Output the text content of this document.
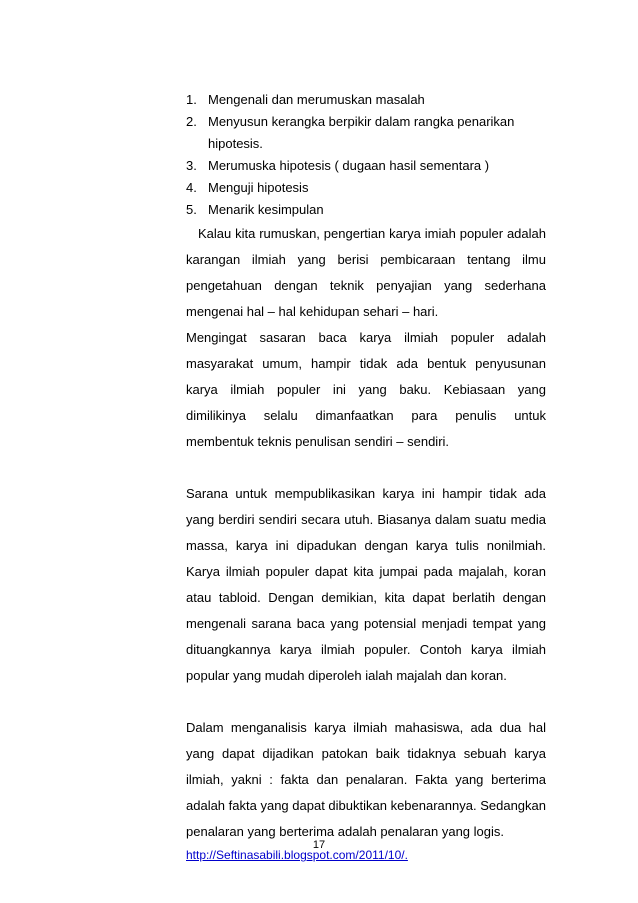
1. Mengenali dan merumuskan masalah
2. Menyusun kerangka berpikir dalam rangka penarikan
hipotesis.
3. Merumuska hipotesis ( dugaan hasil sementara )
4. Menguji hipotesis
5. Menarik kesimpulan

Kalau kita rumuskan, pengertian karya imiah populer adalah karangan ilmiah yang berisi pembicaraan tentang ilmu pengetahuan dengan teknik penyajian yang sederhana mengenai hal – hal kehidupan sehari – hari.

Mengingat sasaran baca karya ilmiah populer adalah masyarakat umum, hampir tidak ada bentuk penyusunan karya ilmiah populer ini yang baku. Kebiasaan yang dimilikinya selalu dimanfaatkan para penulis untuk membentuk teknis penulisan sendiri – sendiri.

Sarana untuk mempublikasikan karya ini hampir tidak ada yang berdiri sendiri secara utuh. Biasanya dalam suatu media massa, karya ini dipadukan dengan karya tulis nonilmiah. Karya ilmiah populer dapat kita jumpai pada majalah, koran atau tabloid. Dengan demikian, kita dapat berlatih dengan mengenali sarana baca yang potensial menjadi tempat yang dituangkannya karya ilmiah populer. Contoh karya ilmiah popular yang mudah diperoleh ialah majalah dan koran.

Dalam menganalisis karya ilmiah mahasiswa, ada dua hal yang dapat dijadikan patokan baik tidaknya sebuah karya ilmiah, yakni : fakta dan penalaran. Fakta yang berterima adalah fakta yang dapat dibuktikan kebenarannya. Sedangkan penalaran yang berterima adalah penalaran yang logis.

http://Seftinasabili.blogspot.com/2011/10/.
17
